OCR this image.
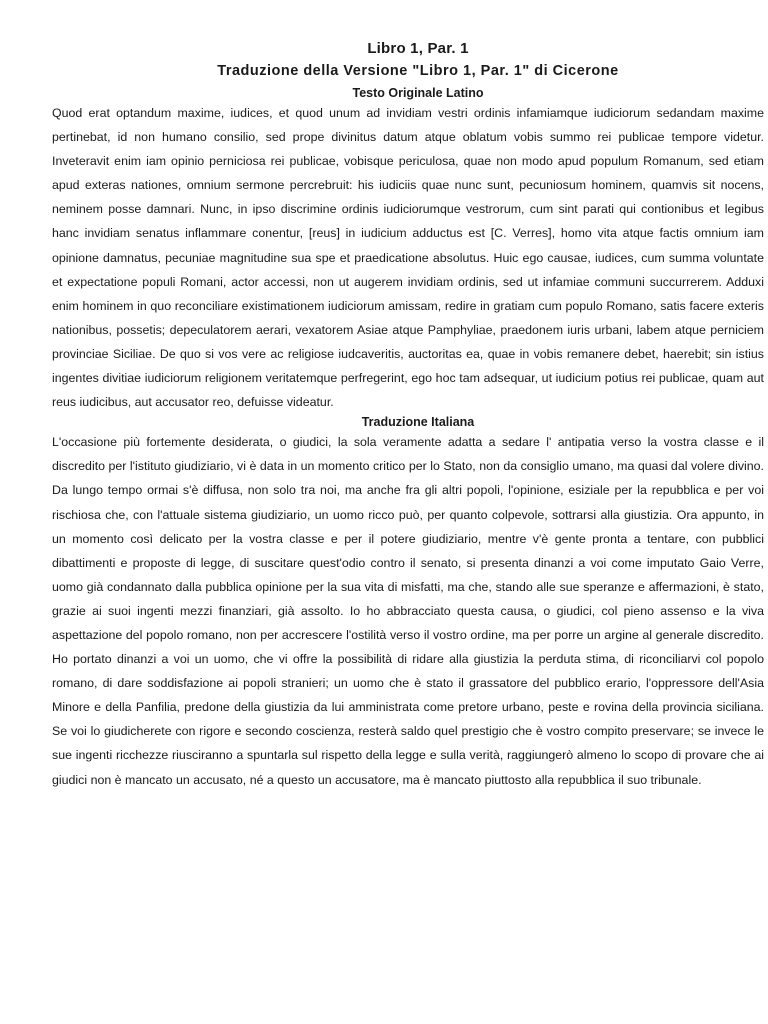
Libro 1, Par. 1
Traduzione della Versione "Libro 1, Par. 1" di Cicerone
Testo Originale Latino

Quod erat optandum maxime, iudices, et quod unum ad invidiam vestri ordinis infamiamque iudiciorum sedandam maxime pertinebat, id non humano consilio, sed prope divinitus datum atque oblatum vobis summo rei publicae tempore videtur. Inveteravit enim iam opinio perniciosa rei publicae, vobisque periculosa, quae non modo apud populum Romanum, sed etiam apud exteras nationes, omnium sermone percrebruit: his iudiciis quae nunc sunt, pecuniosum hominem, quamvis sit nocens, neminem posse damnari. Nunc, in ipso discrimine ordinis iudiciorumque vestrorum, cum sint parati qui contionibus et legibus hanc invidiam senatus inflammare conentur, [reus] in iudicium adductus est [C. Verres], homo vita atque factis omnium iam opinione damnatus, pecuniae magnitudine sua spe et praedicatione absolutus. Huic ego causae, iudices, cum summa voluntate et expectatione populi Romani, actor accessi, non ut augerem invidiam ordinis, sed ut infamiae communi succurrerem. Adduxi enim hominem in quo reconciliare existimationem iudiciorum amissam, redire in gratiam cum populo Romano, satis facere exteris nationibus, possetis; depeculatorem aerari, vexatorem Asiae atque Pamphyliae, praedonem iuris urbani, labem atque perniciem provinciae Siciliae. De quo si vos vere ac religiose iudcaveritis, auctoritas ea, quae in vobis remanere debet, haerebit; sin istius ingentes divitiae iudiciorum religionem veritatemque perfregerint, ego hoc tam adsequar, ut iudicium potius rei publicae, quam aut reus iudicibus, aut accusator reo, defuisse videatur.

Traduzione Italiana

L'occasione più fortemente desiderata, o giudici, la sola veramente adatta a sedare l' antipatia verso la vostra classe e il discredito per l'istituto giudiziario, vi è data in un momento critico per lo Stato, non da consiglio umano, ma quasi dal volere divino. Da lungo tempo ormai s'è diffusa, non solo tra noi, ma anche fra gli altri popoli, l'opinione, esiziale per la repubblica e per voi rischiosa che, con l'attuale sistema giudiziario, un uomo ricco può, per quanto colpevole, sottrarsi alla giustizia. Ora appunto, in un momento così delicato per la vostra classe e per il potere giudiziario, mentre v'è gente pronta a tentare, con pubblici dibattimenti e proposte di legge, di suscitare quest'odio contro il senato, si presenta dinanzi a voi come imputato Gaio Verre, uomo già condannato dalla pubblica opinione per la sua vita di misfatti, ma che, stando alle sue speranze e affermazioni, è stato, grazie ai suoi ingenti mezzi finanziari, già assolto. Io ho abbracciato questa causa, o giudici, col pieno assenso e la viva aspettazione del popolo romano, non per accrescere l'ostilità verso il vostro ordine, ma per porre un argine al generale discredito. Ho portato dinanzi a voi un uomo, che vi offre la possibilità di ridare alla giustizia la perduta stima, di riconciliarvi col popolo romano, di dare soddisfazione ai popoli stranieri; un uomo che è stato il grassatore del pubblico erario, l'oppressore dell'Asia Minore e della Panfilia, predone della giustizia da lui amministrata come pretore urbano, peste e rovina della provincia siciliana. Se voi lo giudicherete con rigore e secondo coscienza, resterà saldo quel prestigio che è vostro compito preservare; se invece le sue ingenti ricchezze riusciranno a spuntarla sul rispetto della legge e sulla verità, raggiungerò almeno lo scopo di provare che ai giudici non è mancato un accusato, né a questo un accusatore, ma è mancato piuttosto alla repubblica il suo tribunale.
